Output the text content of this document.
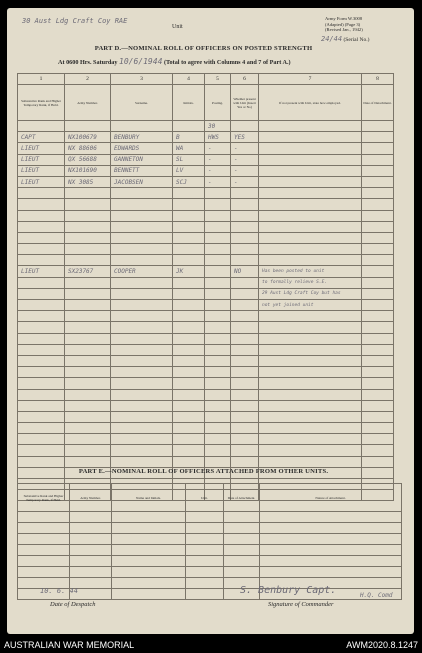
30 Aust Ldg Craft Coy RAE
Unit
Army Form W.3008
(Adapted) (Page 3)
(Revised Jan., 1942)
24/44 (Serial No.)
PART D.—NOMINAL ROLL OF OFFICERS ON POSTED STRENGTH
At 0600 Hrs. Saturday 10/6/1944 (Total to agree with Columns 4 and 7 of Part A.)
1	2	3	4	5	6	7	8
Substantive Rank and Higher Temporary Rank, if Held.	Army Number.	Surname.	Initials.	Posting.	Whether present with Unit (Insert Yes or No)	If not present with Unit, state how employed.	Date of Detachment.
				30			
CAPT	NX100679	BENBURY	B	HWS	YES		
LIEUT	NX 88606	EDWARDS	WA	-	-		
LIEUT	QX 56688	GANNETON	SL	-	-		
LIEUT	NX101690	BENNETT	LV	-	-		
LIEUT	NX 3085	JACOBSEN	SCJ	-	-		

LIEUT	SX23767	COOPER	JK		NO	Has been posted to unit	
						to formally relieve S.E.	
						29 Aust Ldg Craft Coy but has	
						not yet joined unit	

PART E.—NOMINAL ROLL OF OFFICERS ATTACHED FROM OTHER UNITS.
Substantive Rank and Higher Temporary Rank, if Held.	Army Number.	Name and Initials.	Unit.	Date of Attachment.	Nature of Attachment.

10. 6. 44
Date of Despatch
S. Benbury Capt.	H.Q. Comd
Signature of Commander
AUSTRALIAN WAR MEMORIAL	AWM2020.8.1247
